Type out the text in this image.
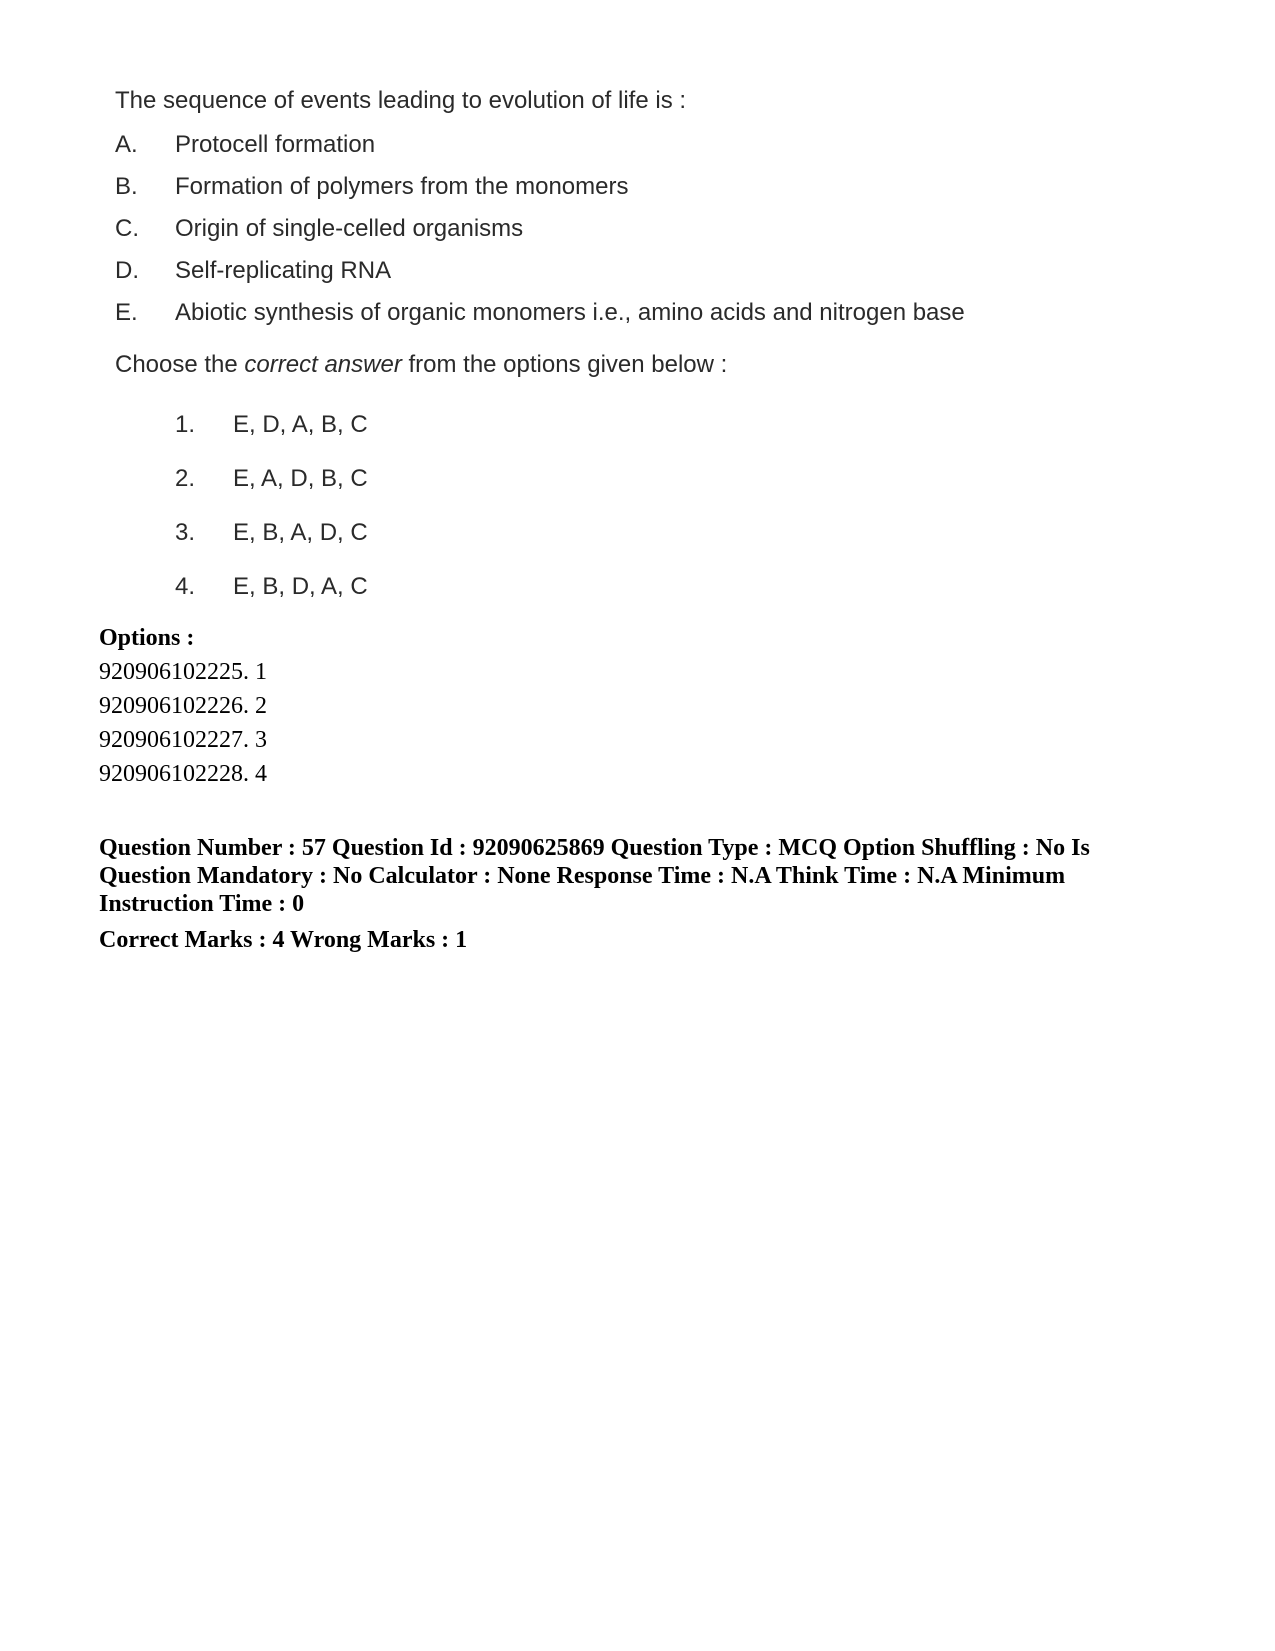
The sequence of events leading to evolution of life is :

A.	Protocell formation
B.	Formation of polymers from the monomers
C.	Origin of single-celled organisms
D.	Self-replicating RNA
E.	Abiotic synthesis of organic monomers i.e., amino acids and nitrogen base

Choose the correct answer from the options given below :

1.	E, D, A, B, C
2.	E, A, D, B, C
3.	E, B, A, D, C
4.	E, B, D, A, C
Options :
920906102225. 1
920906102226. 2
920906102227. 3
920906102228. 4

Question Number : 57 Question Id : 92090625869 Question Type : MCQ Option Shuffling : No Is Question Mandatory : No Calculator : None Response Time : N.A Think Time : N.A Minimum Instruction Time : 0

Correct Marks : 4 Wrong Marks : 1
